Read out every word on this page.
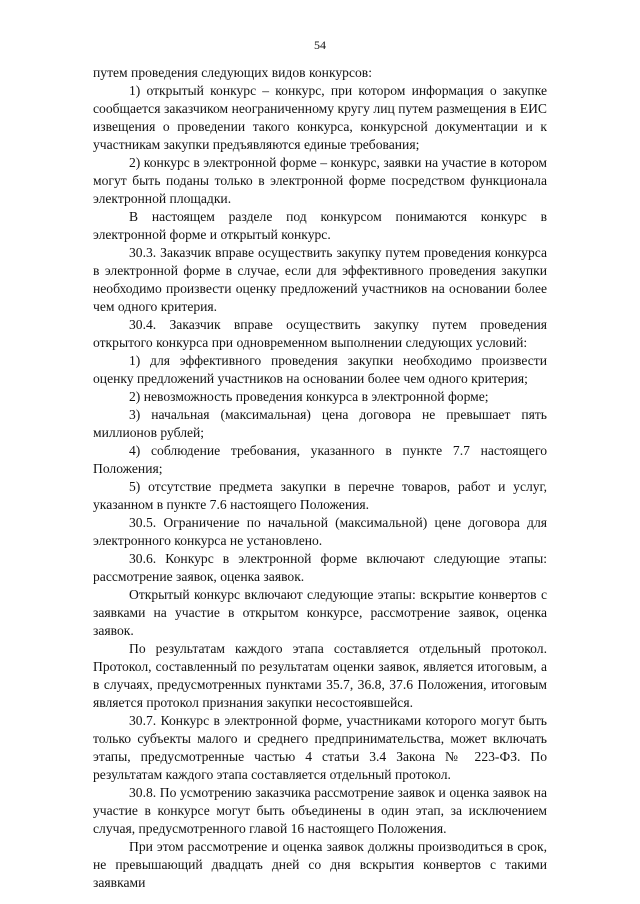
54

путем проведения следующих видов конкурсов:

1) открытый конкурс – конкурс, при котором информация о закупке сообщается заказчиком неограниченному кругу лиц путем размещения в ЕИС извещения о проведении такого конкурса, конкурсной документации и к участникам закупки предъявляются единые требования;

2) конкурс в электронной форме – конкурс, заявки на участие в котором могут быть поданы только в электронной форме посредством функционала электронной площадки.

В настоящем разделе под конкурсом понимаются конкурс в электронной форме и открытый конкурс.

30.3. Заказчик вправе осуществить закупку путем проведения конкурса в электронной форме в случае, если для эффективного проведения закупки необходимо произвести оценку предложений участников на основании более чем одного критерия.

30.4. Заказчик вправе осуществить закупку путем проведения открытого конкурса при одновременном выполнении следующих условий:

1) для эффективного проведения закупки необходимо произвести оценку предложений участников на основании более чем одного критерия;

2) невозможность проведения конкурса в электронной форме;

3) начальная (максимальная) цена договора не превышает пять миллионов рублей;

4) соблюдение требования, указанного в пункте 7.7 настоящего Положения;

5) отсутствие предмета закупки в перечне товаров, работ и услуг, указанном в пункте 7.6 настоящего Положения.

30.5. Ограничение по начальной (максимальной) цене договора для электронного конкурса не установлено.

30.6. Конкурс в электронной форме включают следующие этапы: рассмотрение заявок, оценка заявок.

Открытый конкурс включают следующие этапы: вскрытие конвертов с заявками на участие в открытом конкурсе, рассмотрение заявок, оценка заявок.

По результатам каждого этапа составляется отдельный протокол. Протокол, составленный по результатам оценки заявок, является итоговым, а в случаях, предусмотренных пунктами 35.7, 36.8, 37.6 Положения, итоговым является протокол признания закупки несостоявшейся.

30.7. Конкурс в электронной форме, участниками которого могут быть только субъекты малого и среднего предпринимательства, может включать этапы, предусмотренные частью 4 статьи 3.4 Закона № 223-ФЗ. По результатам каждого этапа составляется отдельный протокол.

30.8. По усмотрению заказчика рассмотрение заявок и оценка заявок на участие в конкурсе могут быть объединены в один этап, за исключением случая, предусмотренного главой 16 настоящего Положения.

При этом рассмотрение и оценка заявок должны производиться в срок, не превышающий двадцать дней со дня вскрытия конвертов с такими заявками
